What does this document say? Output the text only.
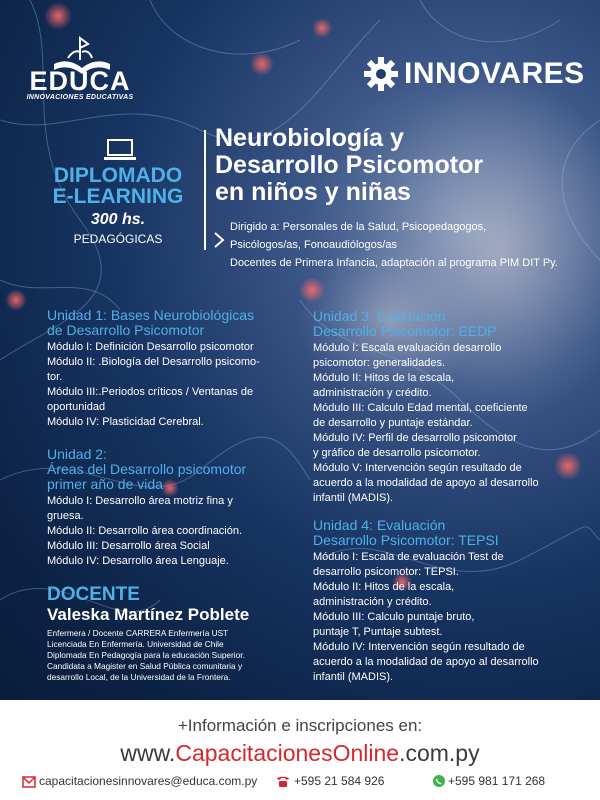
EDUCA
INNOVACIONES EDUCATIVAS
INNOVARES
DIPLOMADO
E-LEARNING
300 hs.
PEDAGÓGICAS
Neurobiología y
Desarrollo Psicomotor
en niños y niñas
Dirigido a: Personales de la Salud, Psicopedagogos,
Psicólogos/as, Fonoaudiólogos/as
Docentes de Primera Infancia, adaptación al programa PIM DIT Py.
Unidad 1: Bases Neurobiológicas
de Desarrollo Psicomotor
Módulo I: Definición Desarrollo psicomotor
Módulo II: .Biología del Desarrollo psicomo-
tor.
Módulo III:.Periodos críticos / Ventanas de
oportunidad
Módulo IV: Plasticidad Cerebral.
Unidad 2:
Áreas del Desarrollo psicomotor
primer año de vida
Módulo I: Desarrollo área motriz fina y
gruesa.
Módulo II: Desarrollo área coordinación.
Módulo III: Desarrollo área Social
Módulo IV: Desarrollo área Lenguaje.
Unidad 3: Evaluación
Desarrollo Psicomotor: EEDP
Módulo I: Escala evaluación desarrollo
psicomotor: generalidades.
Módulo II: Hitos de la escala,
administración y crédito.
Módulo III: Calculo Edad mental, coeficiente
de desarrollo y puntaje estándar.
Módulo IV: Perfil de desarrollo psicomotor
y gráfico de desarrollo psicomotor.
Módulo V: Intervención según resultado de
acuerdo a la modalidad de apoyo al desarrollo
infantil (MADIS).
Unidad 4: Evaluación
Desarrollo Psicomotor: TEPSI
Módulo I: Escala de evaluación Test de
desarrollo psicomotor: TEPSI.
Módulo II: Hitos de la escala,
administración y crédito.
Módulo III: Calculo puntaje bruto,
puntaje T, Puntaje subtest.
Módulo IV: Intervención según resultado de
acuerdo a la modalidad de apoyo al desarrollo
infantil (MADIS).
DOCENTE
Valeska Martínez Poblete
Enfermera / Docente CARRERA Enfermería UST
Licenciada En Enfermería. Universidad de Chile
Diplomada En Pedagogía para la educación Superior.
Candidata a Magister en Salud Pública comunitaria y
desarrollo Local, de la Universidad de la Frontera.
+Información e inscripciones en:
www.CapacitacionesOnline.com.py
capacitacionesinnovares@educa.com.py	+595 21 584 926	+595 981 171 268
